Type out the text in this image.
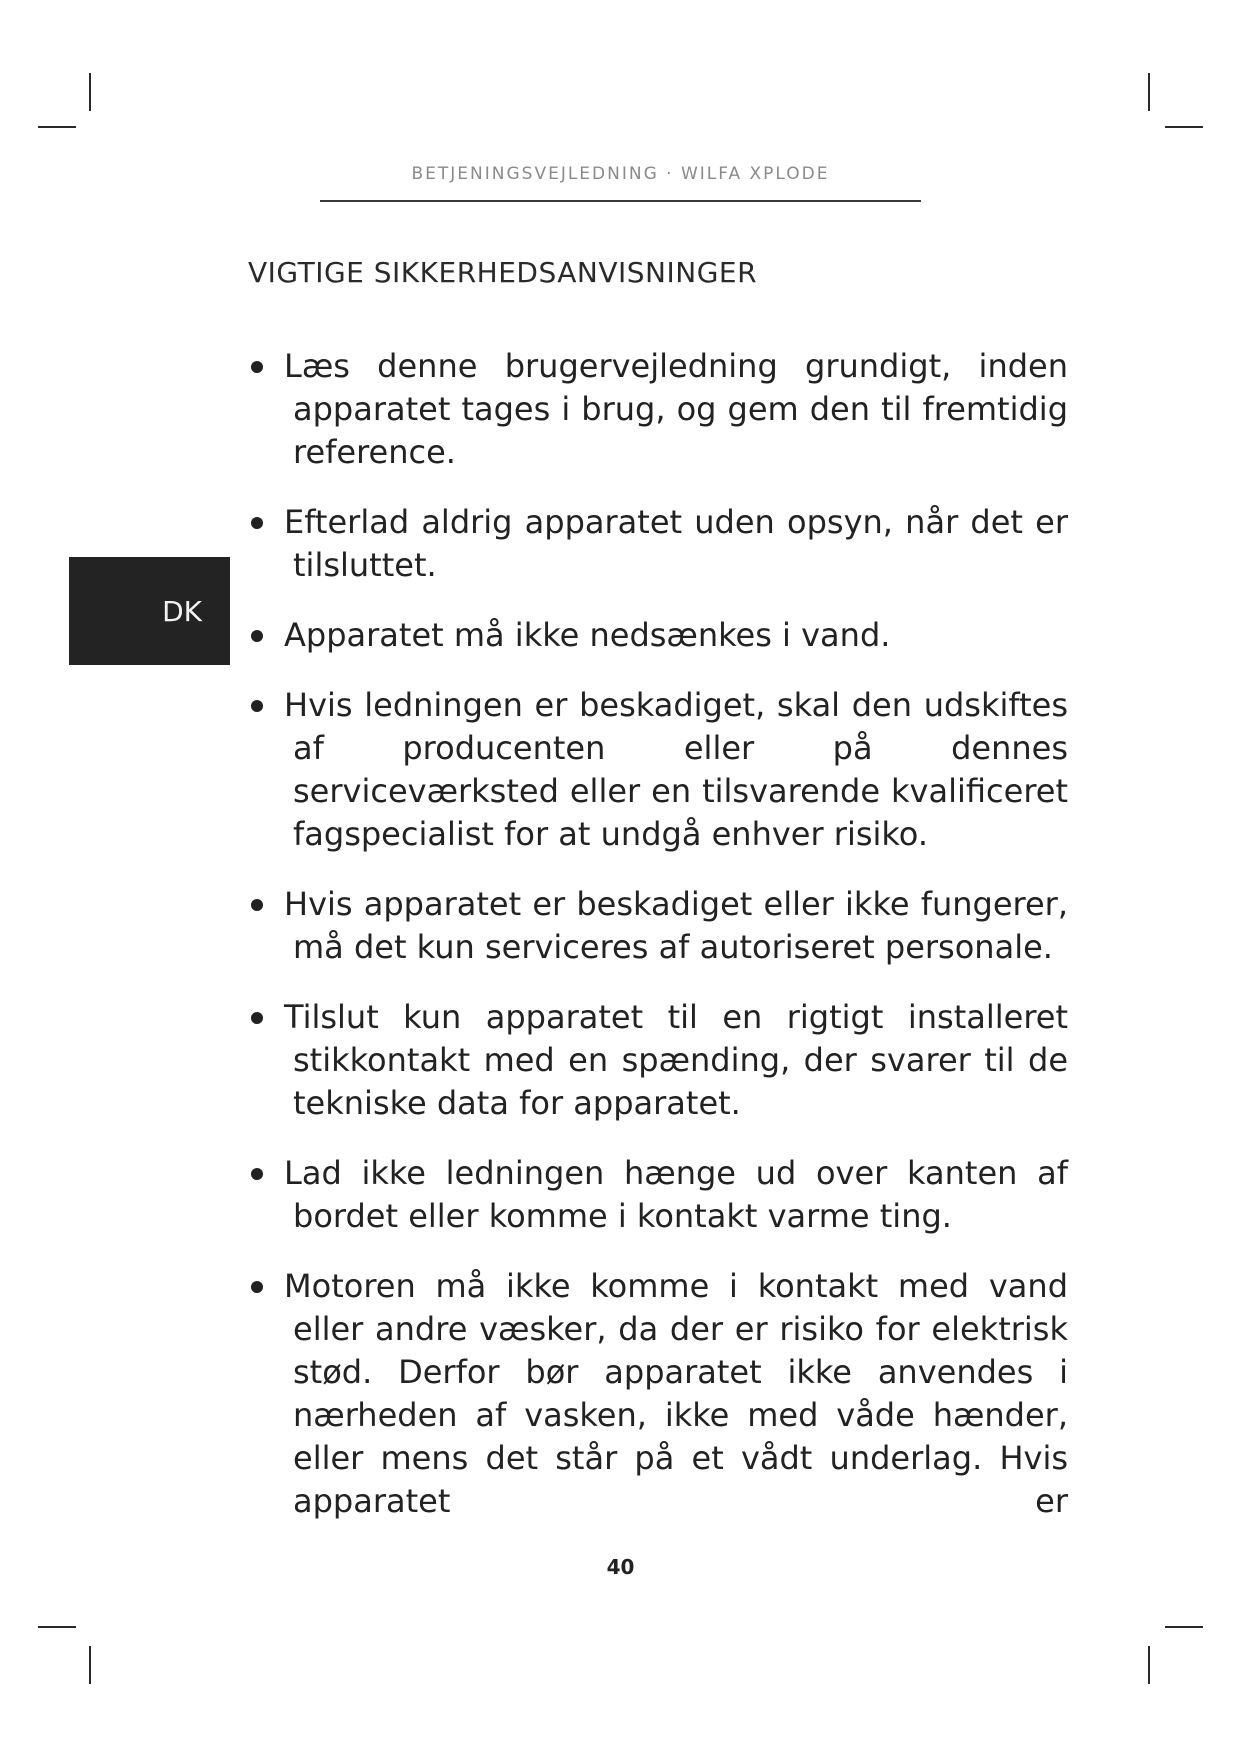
BETJENINGSVEJLEDNING · WILFA XPLODE
VIGTIGE SIKKERHEDSANVISNINGER
DK
Læs denne brugervejledning grundigt, inden apparatet tages i brug, og gem den til fremtidig reference.
Efterlad aldrig apparatet uden opsyn, når det er tilsluttet.
Apparatet må ikke nedsænkes i vand.
Hvis ledningen er beskadiget, skal den udskiftes af producenten eller på dennes serviceværksted eller en tilsvarende kvalificeret fagspecialist for at undgå enhver risiko.
Hvis apparatet er beskadiget eller ikke fungerer, må det kun serviceres af autoriseret personale.
Tilslut kun apparatet til en rigtigt installeret stikkontakt med en spænding, der svarer til de tekniske data for apparatet.
Lad ikke ledningen hænge ud over kanten af bordet eller komme i kontakt varme ting.
Motoren må ikke komme i kontakt med vand eller andre væsker, da der er risiko for elektrisk stød. Derfor bør apparatet ikke anvendes i nærheden af vasken, ikke med våde hænder, eller mens det står på et vådt underlag. Hvis apparatet er
40
